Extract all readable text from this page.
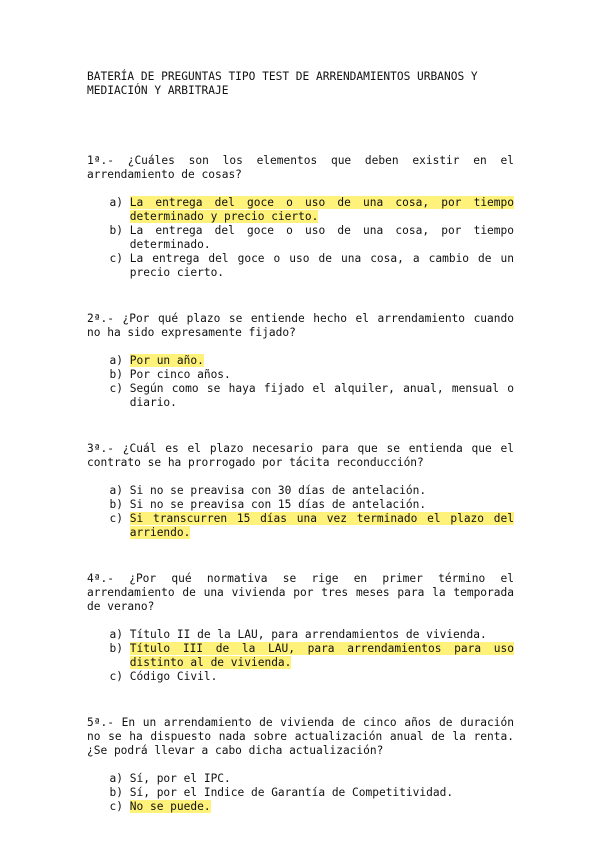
BATERÍA DE PREGUNTAS TIPO TEST DE ARRENDAMIENTOS URBANOS Y MEDIACIÓN Y ARBITRAJE

1ª.- ¿Cuáles son los elementos que deben existir en el arrendamiento de cosas?

a)
La entrega del goce o uso de una cosa, por tiempo determinado y precio cierto.
b)
La entrega del goce o uso de una cosa, por tiempo determinado.
c)
La entrega del goce o uso de una cosa, a cambio de un precio cierto.

2ª.- ¿Por qué plazo se entiende hecho el arrendamiento cuando no ha sido expresamente fijado?

a)
Por un año.
b)
Por cinco años.
c)
Según como se haya fijado el alquiler, anual, mensual o diario.

3ª.- ¿Cuál es el plazo necesario para que se entienda que el contrato se ha prorrogado por tácita reconducción?

a)
Si no se preavisa con 30 días de antelación.
b)
Si no se preavisa con 15 días de antelación.
c)
Si transcurren 15 días una vez terminado el plazo del arriendo.

4ª.- ¿Por qué normativa se rige en primer término el arrendamiento de una vivienda por tres meses para la temporada de verano?

a)
Título II de la LAU, para arrendamientos de vivienda.
b)
Título III de la LAU, para arrendamientos para uso distinto al de vivienda.
c)
Código Civil.

5ª.- En un arrendamiento de vivienda de cinco años de duración no se ha dispuesto nada sobre actualización anual de la renta. ¿Se podrá llevar a cabo dicha actualización?

a)
Sí, por el IPC.
b)
Sí, por el Indice de Garantía de Competitividad.
c)
No se puede.
